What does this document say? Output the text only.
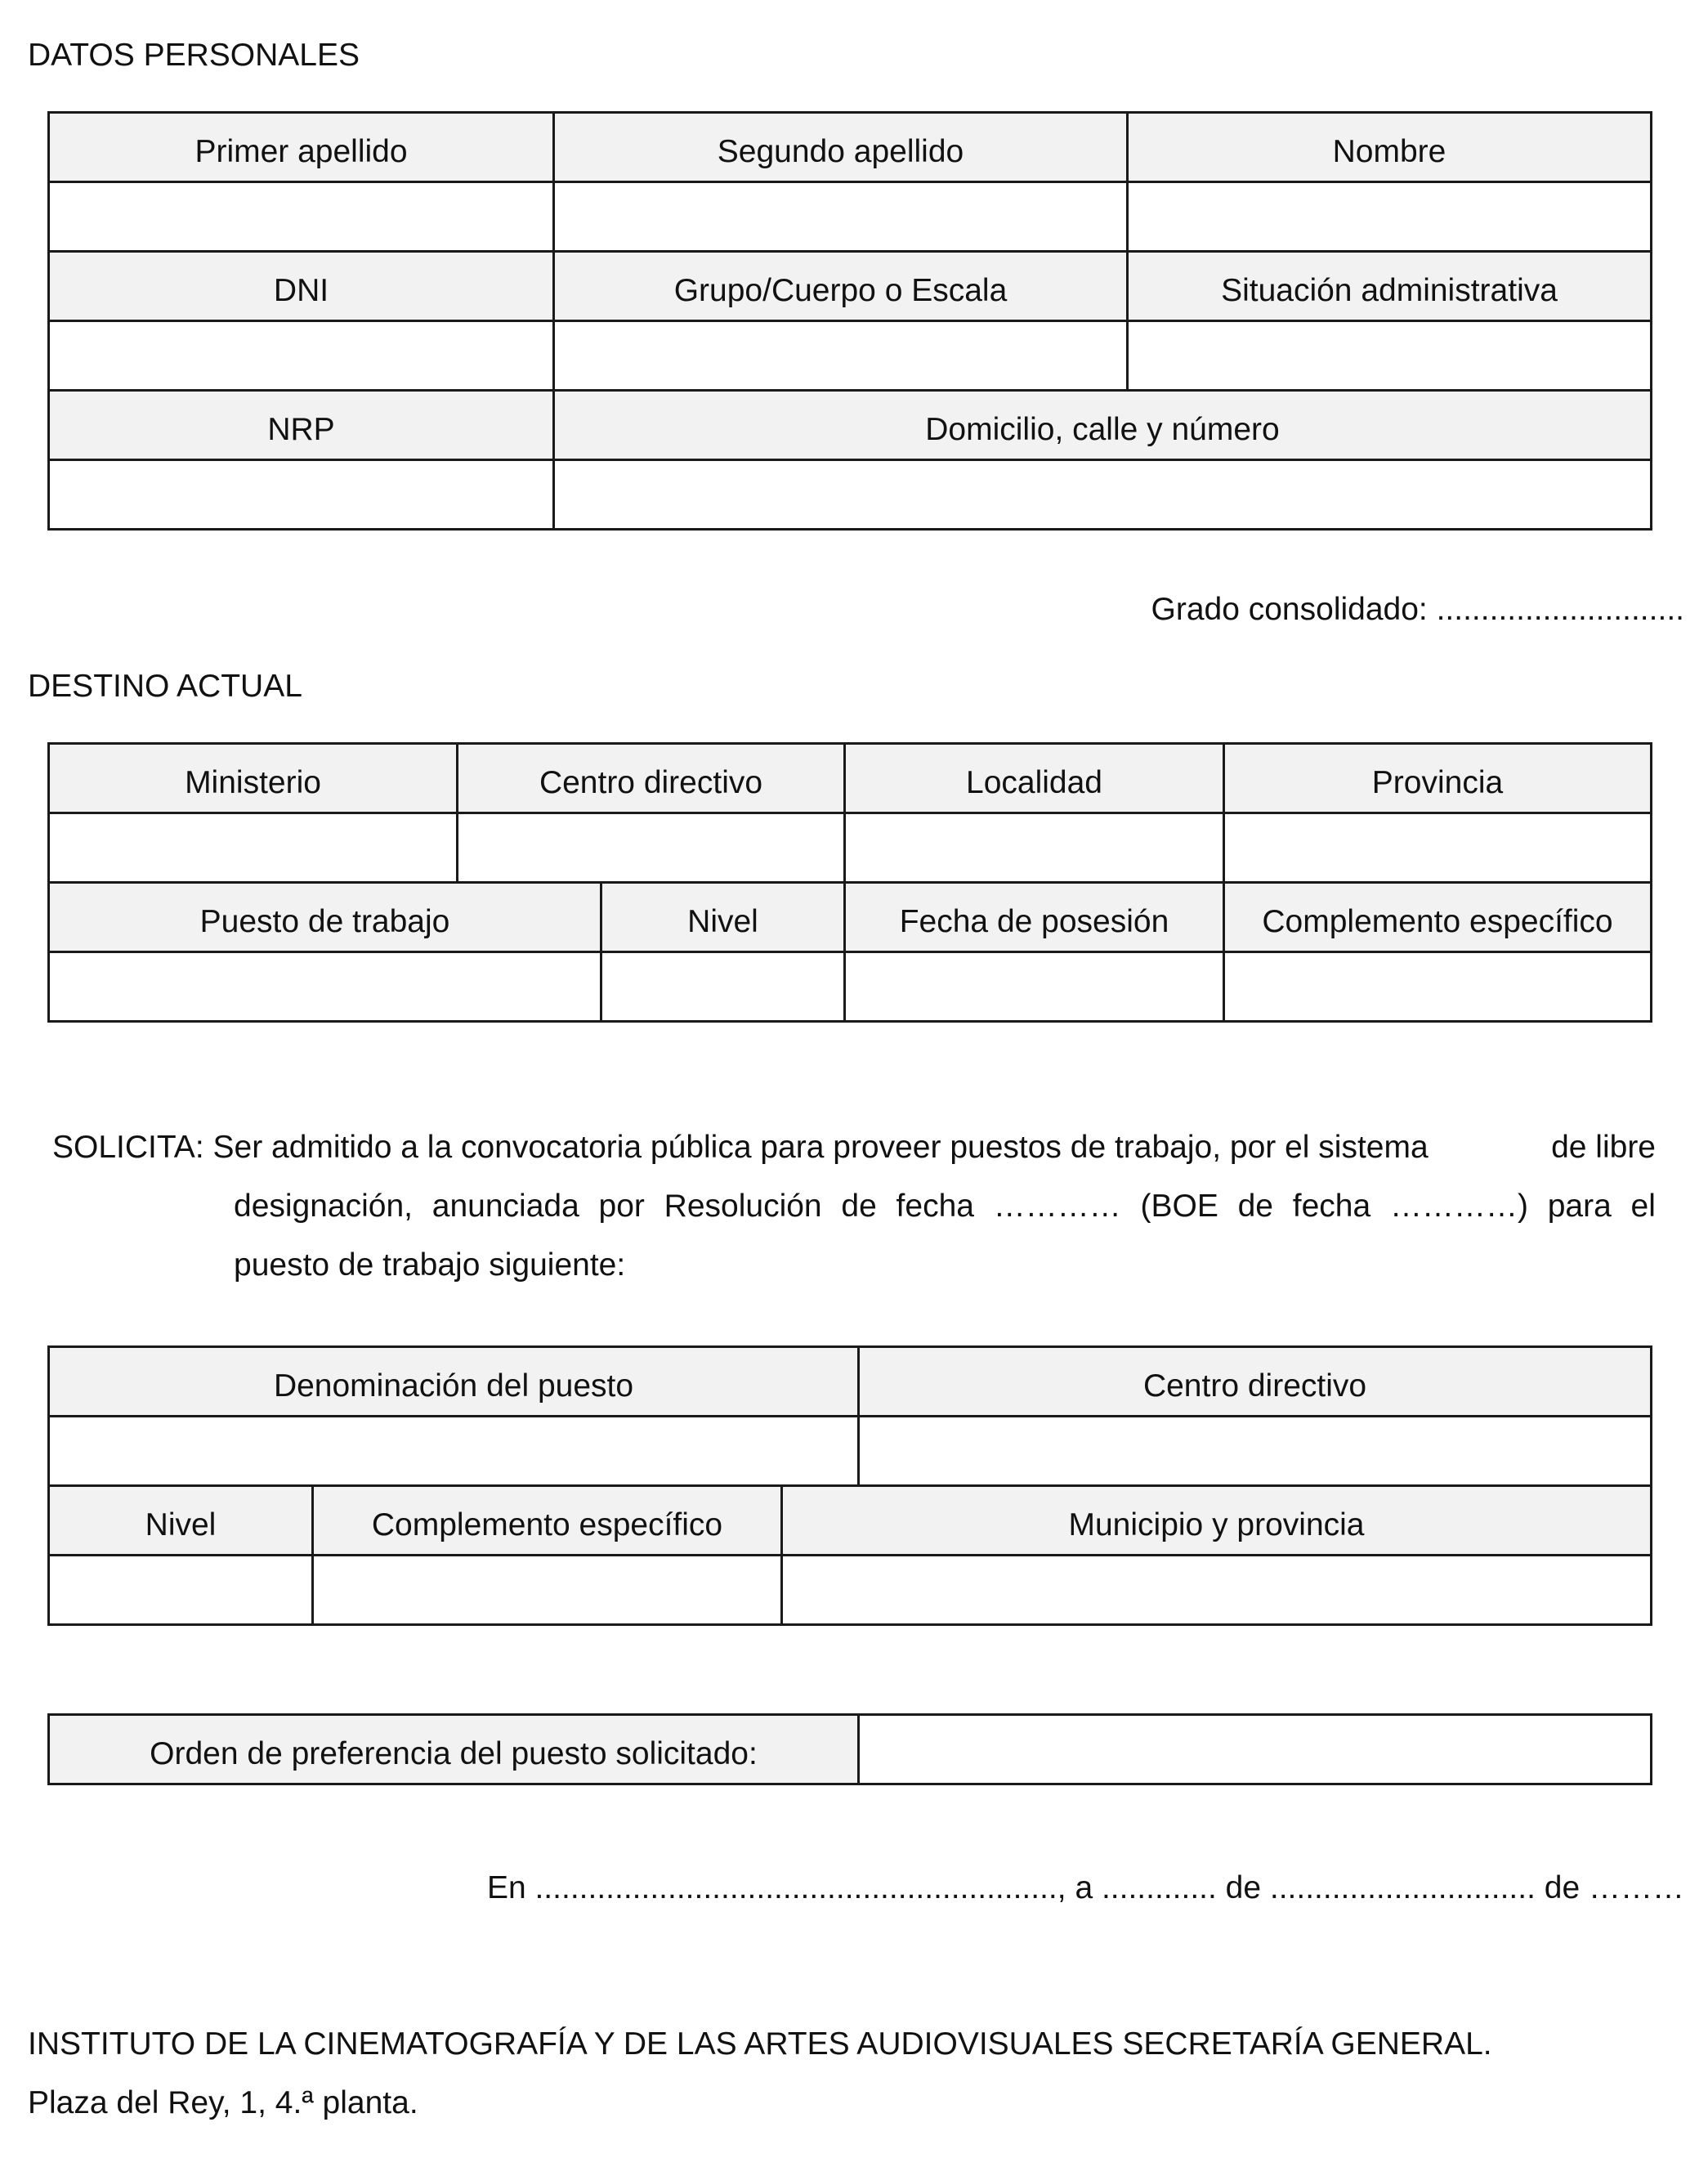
DATOS PERSONALES
Primer apellido	Segundo apellido	Nombre

DNI	Grupo/Cuerpo o Escala	Situación administrativa

NRP	Domicilio, calle y número	

Grado consolidado: ............................
DESTINO ACTUAL
Ministerio	Centro directivo		Localidad	Provincia

Puesto de trabajo		Nivel	Fecha de posesión	Complemento específico

SOLICITA: Ser admitido a la convocatoria pública para proveer puestos de trabajo, por el sistema	de libre
designación, anunciada por Resolución de fecha ………… (BOE de fecha …………) para el
puesto de trabajo siguiente:
Denominación del puesto			Centro directivo

Nivel	Complemento específico	Municipio y provincia	

Orden de preferencia del puesto solicitado:	
En ..........................................................., a ............. de .............................. de ………
INSTITUTO DE LA CINEMATOGRAFÍA Y DE LAS ARTES AUDIOVISUALES SECRETARÍA GENERAL.
Plaza del Rey, 1, 4.ª planta.
